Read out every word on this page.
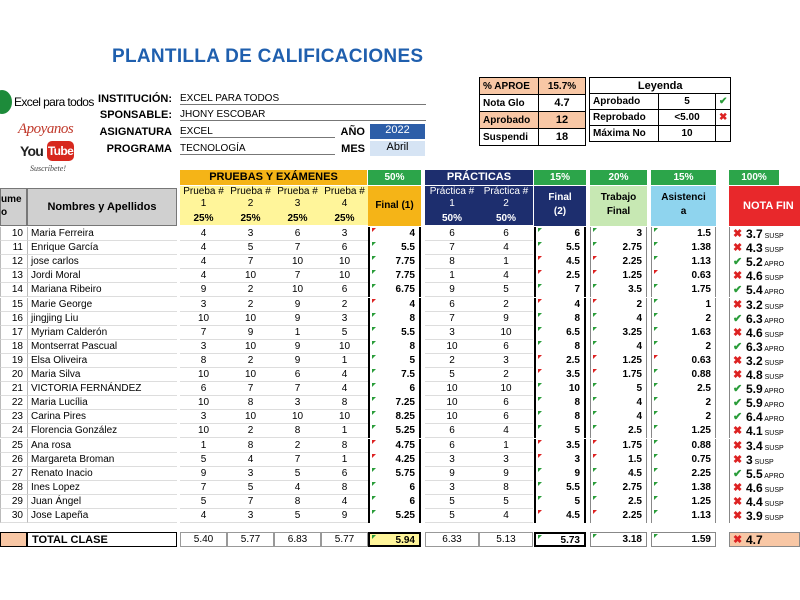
PLANTILLA DE CALIFICACIONES
Excel para todos
Apoyanos
You Tube
Suscríbete!
INSTITUCIÓN: EXCEL PARA TODOS
SPONSABLE: JHONY ESCOBAR
ASIGNATURA EXCEL
PROGRAMA TECNOLOGÍA
AÑO	2022
MES	Abril
% APROE	15.7%
Nota Glo	4.7
Aprobado	12
Suspendi	18
Leyenda		
Aprobado	5	✔
Reprobado	<5.00	✖
Máxima No	10	
ume
o	Nombres y Apellidos
PRUEBAS Y EXÁMENES	50%
Prueba #
1
Prueba #
2
Prueba #
3
Prueba #
4
25%	25%	25%	25%
Final (1)
PRÁCTICAS	15%
Práctica #
1
Práctica #
2
50%	50%
Final
(2)
20%
Trabajo
Final
15%
Asistenci
a
100%
NOTA FIN
10 Maria Ferreira	4	3	6	3	4	6	6	6	3	1.5	✖ 3.7 SUSP
11 Enrique García	4	5	7	6	5.5	7	4	5.5	2.75	1.38	✖ 4.3 SUSP
12 jose carlos	4	7	10	10	7.75	8	1	4.5	2.25	1.13	✔ 5.2 APRO
13 Jordi Moral	4	10	7	10	7.75	1	4	2.5	1.25	0.63	✖ 4.6 SUSP
14 Mariana Ribeiro	9	2	10	6	6.75	9	5	7	3.5	1.75	✔ 5.4 APRO
15 Marie George	3	2	9	2	4	6	2	4	2	1	✖ 3.2 SUSP
16 jingjing Liu	10	10	9	3	8	7	9	8	4	2	✔ 6.3 APRO
17 Myriam Calderón	7	9	1	5	5.5	3	10	6.5	3.25	1.63	✖ 4.6 SUSP
18 Montserrat Pascual	3	10	9	10	8	10	6	8	4	2	✔ 6.3 APRO
19 Elsa Oliveira	8	2	9	1	5	2	3	2.5	1.25	0.63	✖ 3.2 SUSP
20 Maria Silva	10	10	6	4	7.5	5	2	3.5	1.75	0.88	✖ 4.8 SUSP
21 VICTORIA FERNÁNDEZ	6	7	7	4	6	10	10	10	5	2.5	✔ 5.9 APRO
22 Maria Lucília	10	8	3	8	7.25	10	6	8	4	2	✔ 5.9 APRO
23 Carina Pires	3	10	10	10	8.25	10	6	8	4	2	✔ 6.4 APRO
24 Florencia González	10	2	8	1	5.25	6	4	5	2.5	1.25	✖ 4.1 SUSP
25 Ana rosa	1	8	2	8	4.75	6	1	3.5	1.75	0.88	✖ 3.4 SUSP
26 Margareta Broman	5	4	7	1	4.25	3	3	3	1.5	0.75	✖ 3 SUSP
27 Renato Inacio	9	3	5	6	5.75	9	9	9	4.5	2.25	✔ 5.5 APRO
28 Ines Lopez	7	5	4	8	6	3	8	5.5	2.75	1.38	✖ 4.6 SUSP
29 Juan Ángel	5	7	8	4	6	5	5	5	2.5	1.25	✖ 4.4 SUSP
30 Jose Lapeña	4	3	5	9	5.25	5	4	4.5	2.25	1.13	✖ 3.9 SUSP
TOTAL CLASE	5.40	5.77	6.83	5.77	5.94	6.33	5.13	5.73	3.18	1.59	✖ 4.7
